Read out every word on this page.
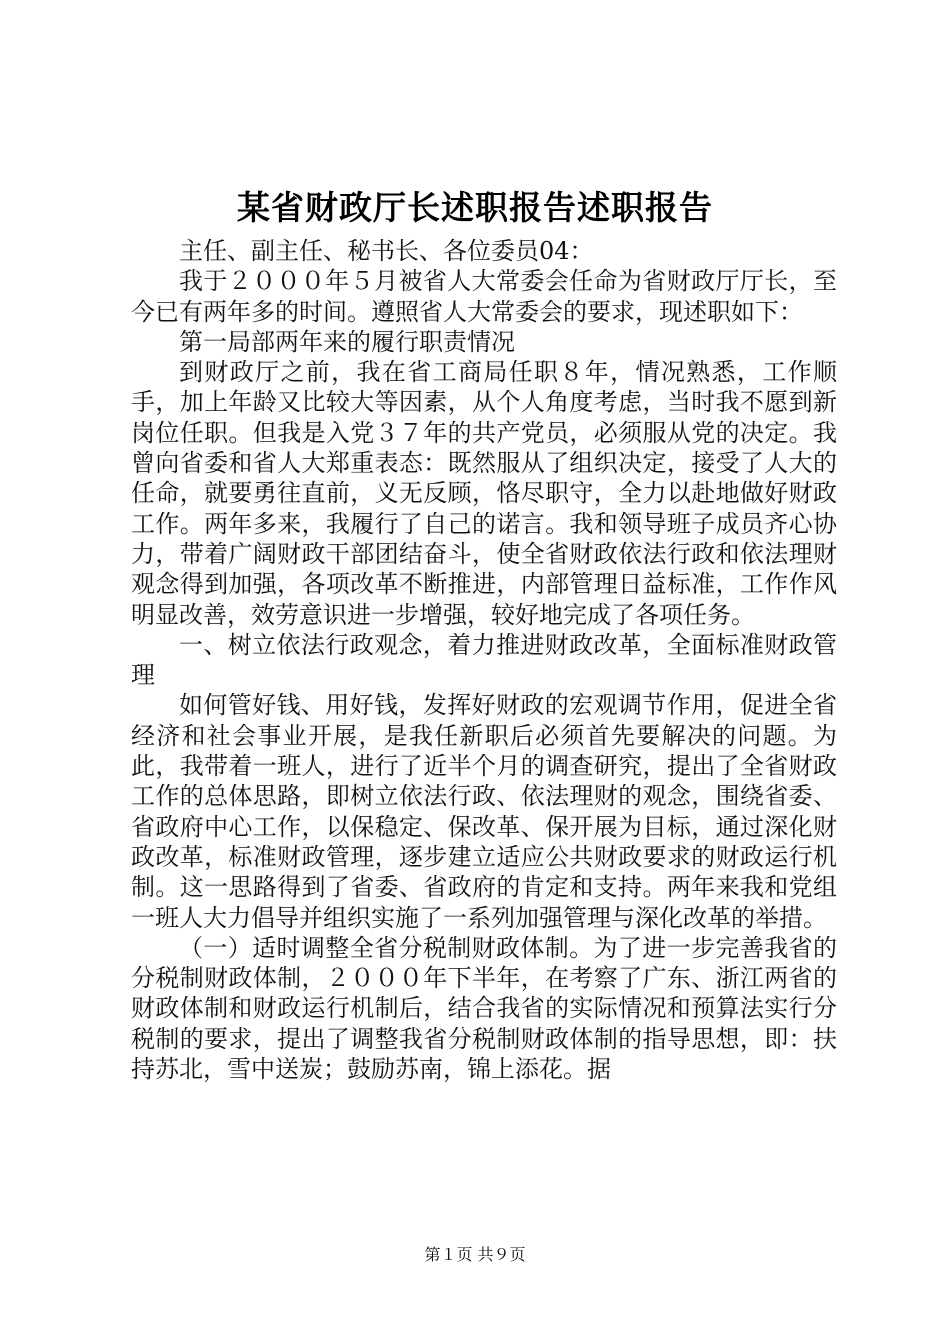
某省财政厅长述职报告述职报告

主任、副主任、秘书长、各位委员04：

我于２０００年５月被省人大常委会任命为省财政厅厅长，至今已有两年多的时间。遵照省人大常委会的要求，现述职如下：

第一局部两年来的履行职责情况

到财政厅之前，我在省工商局任职８年，情况熟悉，工作顺手，加上年龄又比较大等因素，从个人角度考虑，当时我不愿到新岗位任职。但我是入党３７年的共产党员，必须服从党的决定。我曾向省委和省人大郑重表态：既然服从了组织决定，接受了人大的任命，就要勇往直前，义无反顾，恪尽职守，全力以赴地做好财政工作。两年多来，我履行了自己的诺言。我和领导班子成员齐心协力，带着广阔财政干部团结奋斗，使全省财政依法行政和依法理财观念得到加强，各项改革不断推进，内部管理日益标准，工作作风明显改善，效劳意识进一步增强，较好地完成了各项任务。

一、树立依法行政观念，着力推进财政改革，全面标准财政管理

如何管好钱、用好钱，发挥好财政的宏观调节作用，促进全省经济和社会事业开展，是我任新职后必须首先要解决的问题。为此，我带着一班人，进行了近半个月的调查研究，提出了全省财政工作的总体思路，即树立依法行政、依法理财的观念，围绕省委、省政府中心工作，以保稳定、保改革、保开展为目标，通过深化财政改革，标准财政管理，逐步建立适应公共财政要求的财政运行机制。这一思路得到了省委、省政府的肯定和支持。两年来我和党组一班人大力倡导并组织实施了一系列加强管理与深化改革的举措。

（一）适时调整全省分税制财政体制。为了进一步完善我省的分税制财政体制，２０００年下半年，在考察了广东、浙江两省的财政体制和财政运行机制后，结合我省的实际情况和预算法实行分税制的要求，提出了调整我省分税制财政体制的指导思想，即：扶持苏北，雪中送炭；鼓励苏南，锦上添花。据

第１页 共９页
